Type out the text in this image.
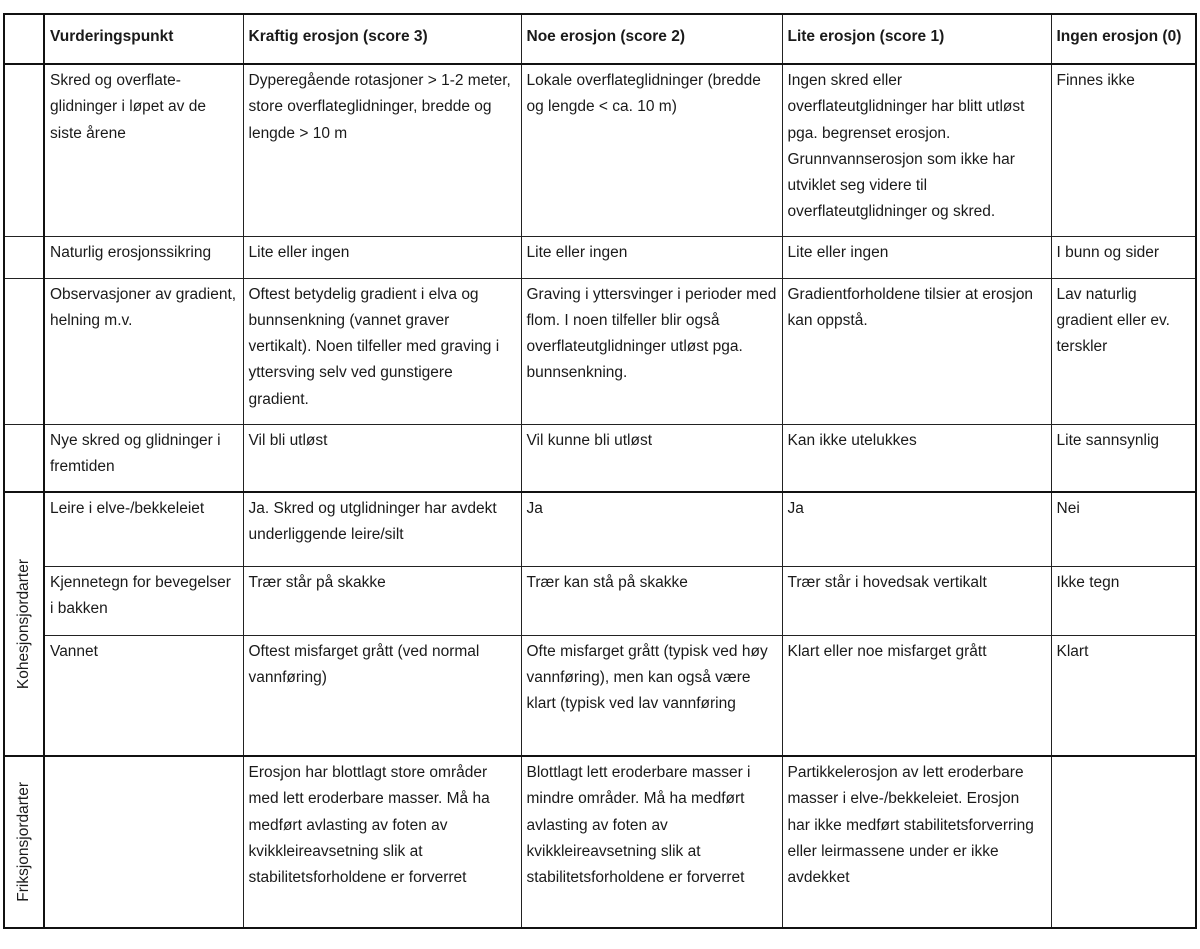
	Vurderingspunkt	Kraftig erosjon (score 3)	Noe erosjon (score 2)	Lite erosjon (score 1)	Ingen erosjon (0)
	Skred og overflate-glidninger i løpet av de siste årene	Dyperegående rotasjoner > 1-2 meter, store overflateglidninger, bredde og lengde > 10 m	Lokale overflateglidninger (bredde og lengde < ca. 10 m)	Ingen skred eller overflateutglidninger har blitt utløst pga. begrenset erosjon. Grunnvannserosjon som ikke har utviklet seg videre til overflateutglidninger og skred.	Finnes ikke
	Naturlig erosjonssikring	Lite eller ingen	Lite eller ingen	Lite eller ingen	I bunn og sider
	Observasjoner av gradient, helning m.v.	Oftest betydelig gradient i elva og bunnsenkning (vannet graver vertikalt). Noen tilfeller med graving i yttersving selv ved gunstigere gradient.	Graving i yttersvinger i perioder med flom. I noen tilfeller blir også overflateutglidninger utløst pga. bunnsenkning.	Gradientforholdene tilsier at erosjon kan oppstå.	Lav naturlig gradient eller ev. terskler
	Nye skred og glidninger i fremtiden	Vil bli utløst	Vil kunne bli utløst	Kan ikke utelukkes	Lite sannsynlig

Kohesjonsjordarter	Leire i elve-/bekkeleiet	Ja. Skred og utglidninger har avdekt underliggende leire/silt	Ja	Ja	Nei
	Kjennetegn for bevegelser i bakken	Trær står på skakke	Trær kan stå på skakke	Trær står i hovedsak vertikalt	Ikke tegn
	Vannet	Oftest misfarget grått (ved normal vannføring)	Ofte misfarget grått (typisk ved høy vannføring), men kan også være klart (typisk ved lav vannføring	Klart eller noe misfarget grått	Klart

Friksjonsjordarter		Erosjon har blottlagt store områder med lett eroderbare masser. Må ha medført avlasting av foten av kvikkleireavsetning slik at stabilitetsforholdene er forverret	Blottlagt lett eroderbare masser i mindre områder. Må ha medført avlasting av foten av kvikkleireavsetning slik at stabilitetsforholdene er forverret	Partikkelerosjon av lett eroderbare masser i elve-/bekkeleiet. Erosjon har ikke medført stabilitetsforverring eller leirmassene under er ikke avdekket	
